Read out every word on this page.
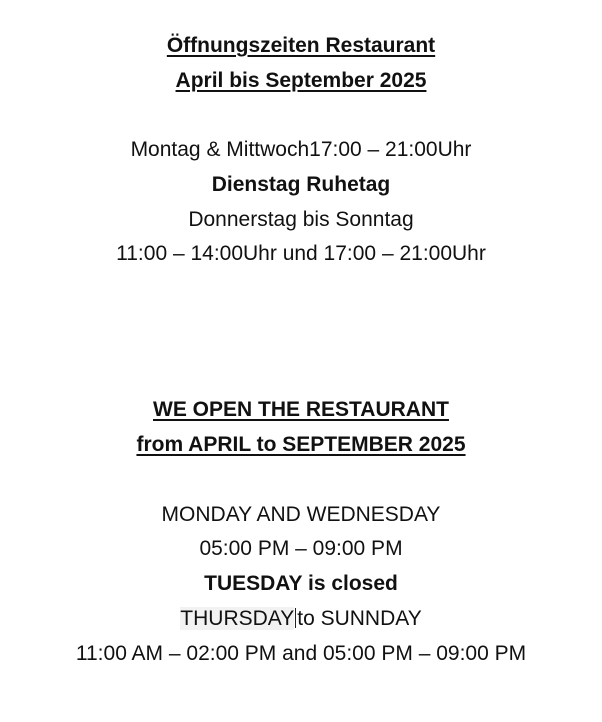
Öffnungszeiten Restaurant
April bis September 2025
Montag & Mittwoch17:00 – 21:00Uhr
Dienstag Ruhetag
Donnerstag bis Sonntag
11:00 – 14:00Uhr und 17:00 – 21:00Uhr
WE OPEN THE RESTAURANT
from APRIL to SEPTEMBER 2025
MONDAY AND WEDNESDAY
05:00 PM – 09:00 PM
TUESDAY is closed
THURSDAY to SUNNDAY
11:00 AM – 02:00 PM and 05:00 PM – 09:00 PM
